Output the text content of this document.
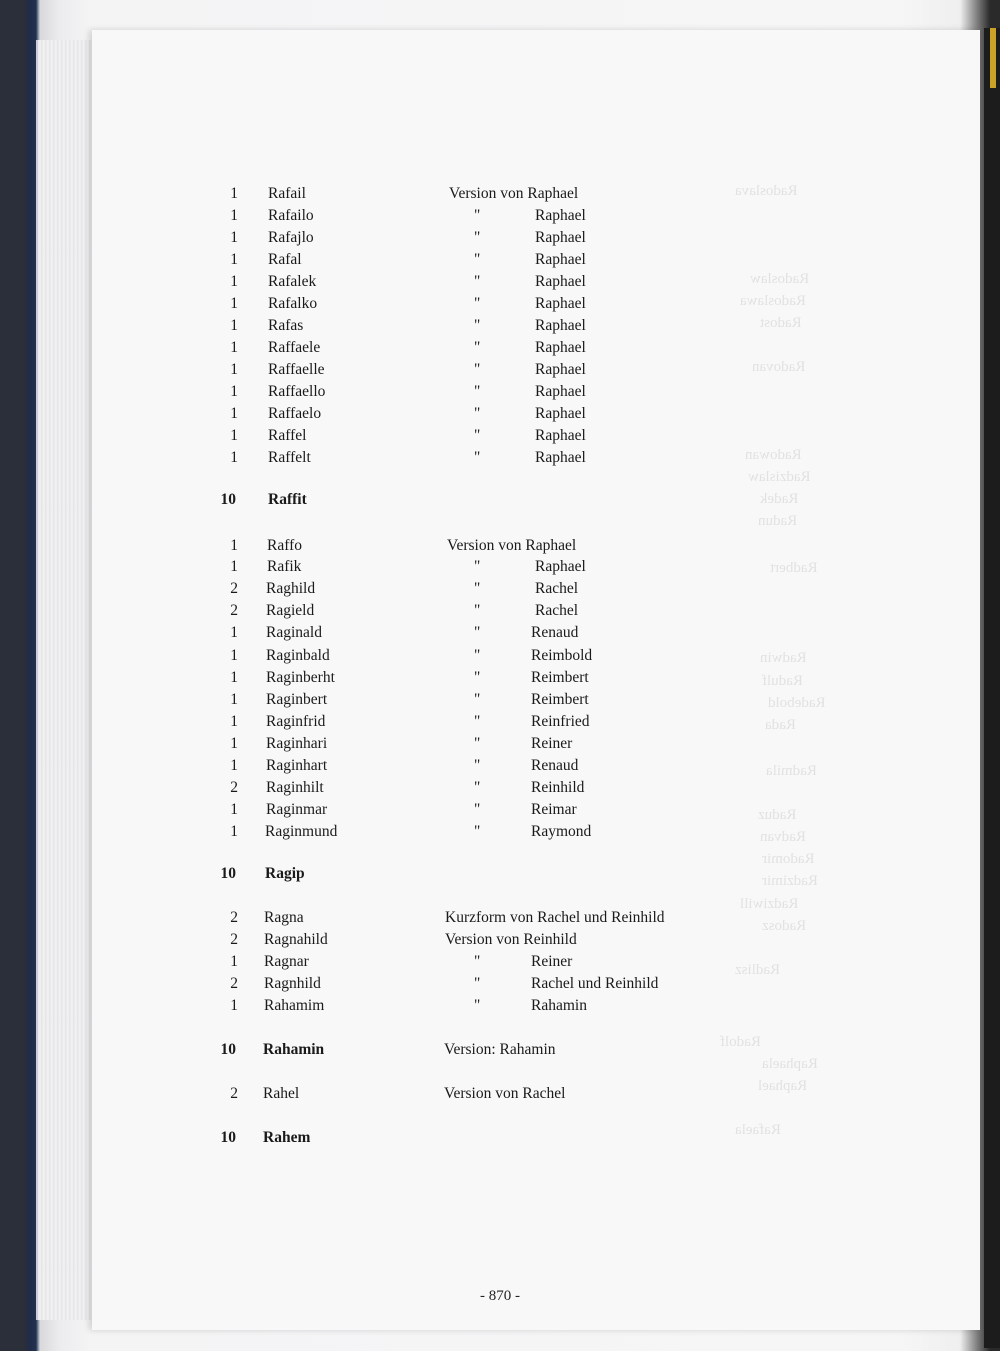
Radoslava
Radoslaw
Radoslawa
Radost
Radovan
Radowan
Radzislaw
Radek
Radun
Radbert
Radwin
Radulf
Radebold
Rada
Radmila
Raduz
Radvan
Radomir
Radzimir
Radziwill
Radosz
Radlisz
Radolf
Raphaela
Raphael
Rafaela
1 Rafail	Version von Raphael
1 Rafailo	"	Raphael
1 Rafajlo	"	Raphael
1 Rafal	"	Raphael
1 Rafalek	"	Raphael
1 Rafalko	"	Raphael
1 Rafas	"	Raphael
1 Raffaele	"	Raphael
1 Raffaelle	"	Raphael
1 Raffaello	"	Raphael
1 Raffaelo	"	Raphael
1 Raffel	"	Raphael
1 Raffelt	"	Raphael
10 Raffit
1 Raffo	Version von Raphael
1 Rafik	"	Raphael
2 Raghild	"	Rachel
2 Ragield	"	Rachel
1 Raginald	"	Renaud
1 Raginbald	"	Reimbold
1 Raginberht	"	Reimbert
1 Raginbert	"	Reimbert
1 Raginfrid	"	Reinfried
1 Raginhari	"	Reiner
1 Raginhart	"	Renaud
2 Raginhilt	"	Reinhild
1 Raginmar	"	Reimar
1 Raginmund	"	Raymond
10 Ragip
2 Ragna	Kurzform von Rachel und Reinhild
2 Ragnahild	Version von Reinhild
1 Ragnar	"	Reiner
2 Ragnhild	"	Rachel und Reinhild
1 Rahamim	"	Rahamin
10 Rahamin	Version: Rahamin
2 Rahel	Version von Rachel
10 Rahem
- 870 -
